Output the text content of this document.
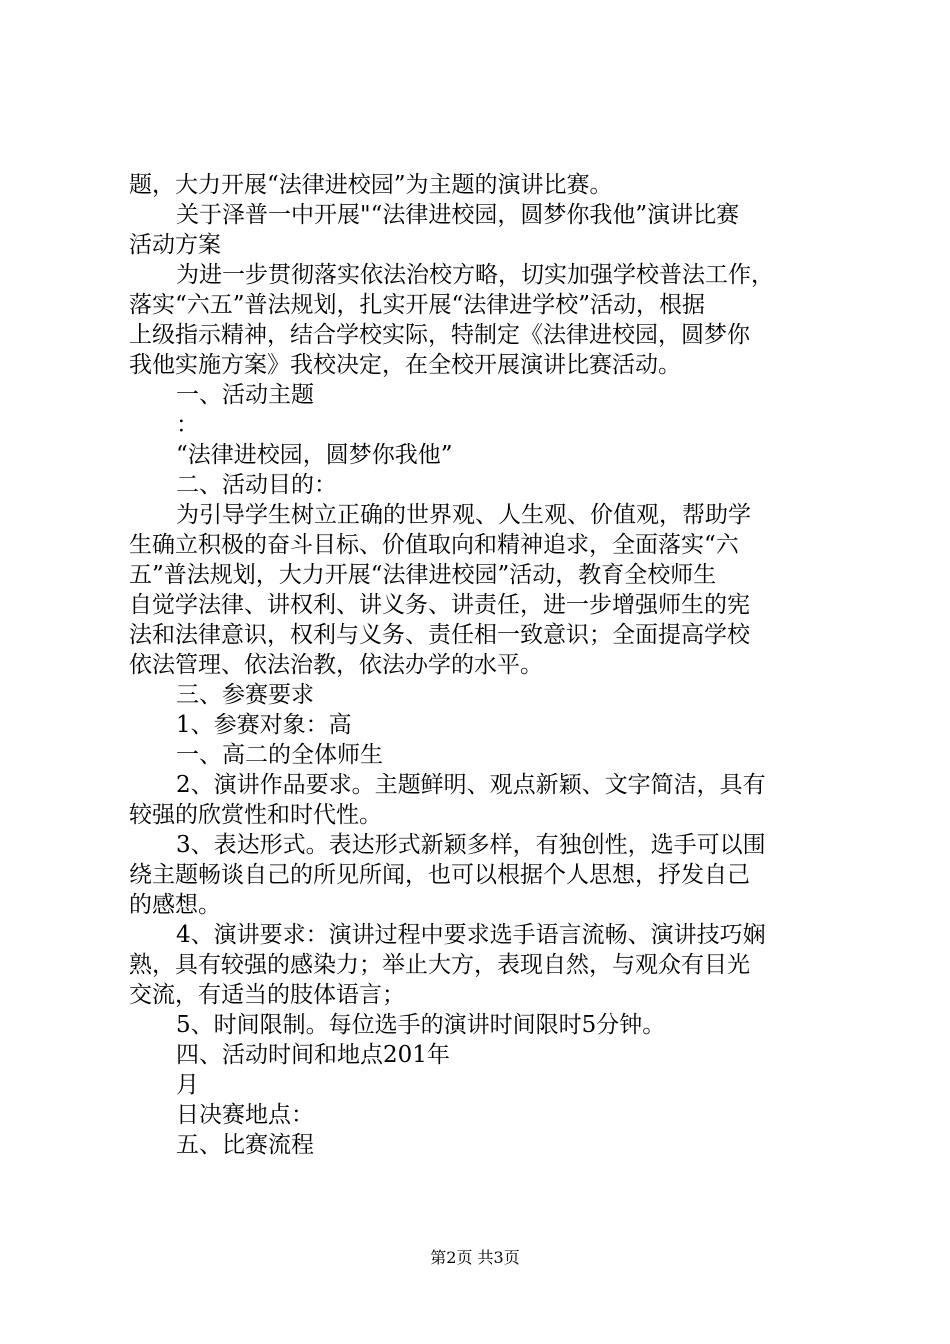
题，大力开展“法律进校园”为主题的演讲比赛。
关于泽普一中开展"“法律进校园，圆梦你我他”演讲比赛
活动方案
为进一步贯彻落实依法治校方略，切实加强学校普法工作，
落实“六五”普法规划，扎实开展“法律进学校”活动，根据
上级指示精神，结合学校实际，特制定《法律进校园，圆梦你
我他实施方案》我校决定，在全校开展演讲比赛活动。
一、活动主题
：
“法律进校园，圆梦你我他”
二、活动目的：
为引导学生树立正确的世界观、人生观、价值观，帮助学
生确立积极的奋斗目标、价值取向和精神追求，全面落实“六
五”普法规划，大力开展“法律进校园”活动，教育全校师生
自觉学法律、讲权利、讲义务、讲责任，进一步增强师生的宪
法和法律意识，权利与义务、责任相一致意识；全面提高学校
依法管理、依法治教，依法办学的水平。
三、参赛要求
1、参赛对象：高
一、高二的全体师生
2、演讲作品要求。主题鲜明、观点新颖、文字简洁，具有
较强的欣赏性和时代性。
3、表达形式。表达形式新颖多样，有独创性，选手可以围
绕主题畅谈自己的所见所闻，也可以根据个人思想，抒发自己
的感想。
4、演讲要求：演讲过程中要求选手语言流畅、演讲技巧娴
熟，具有较强的感染力；举止大方，表现自然，与观众有目光
交流，有适当的肢体语言；
5、时间限制。每位选手的演讲时间限时5分钟。
四、活动时间和地点201年
月
日决赛地点：
五、比赛流程
第2页 共3页
